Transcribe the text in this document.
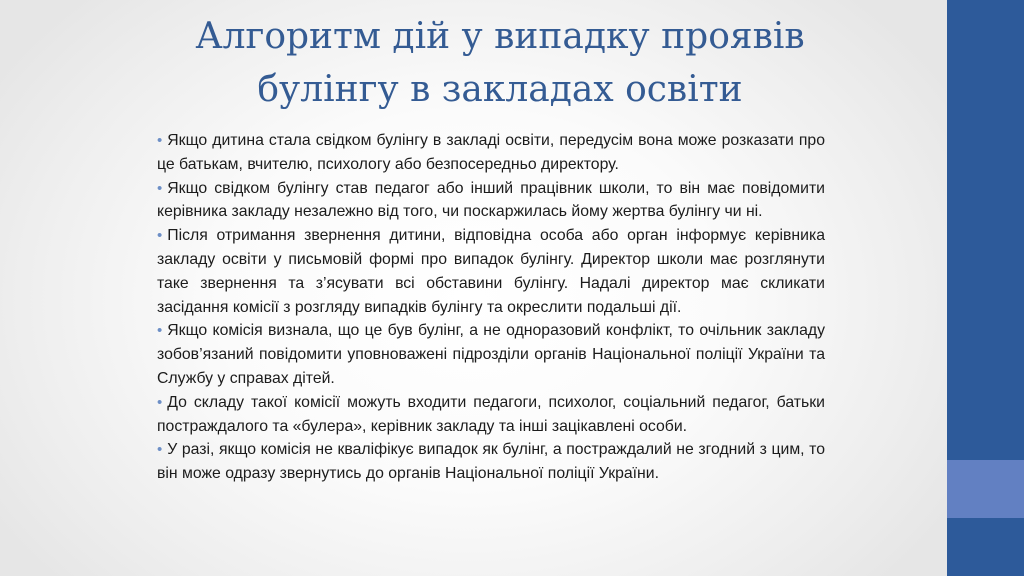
Алгоритм дій у випадку проявів
булінгу в закладах освіти
• Якщо дитина стала свідком булінгу в закладі освіти, передусім вона може розказати про це батькам, вчителю, психологу або безпосередньо директору.
• Якщо свідком булінгу став педагог або інший працівник школи, то він має повідомити керівника закладу незалежно від того, чи поскаржилась йому жертва булінгу чи ні.
• Після отримання звернення дитини, відповідна особа або орган інформує керівника закладу освіти у письмовій формі про випадок булінгу. Директор школи має розглянути таке звернення та з’ясувати всі обставини булінгу. Надалі директор має скликати засідання комісії з розгляду випадків булінгу та окреслити подальші дії.
• Якщо комісія визнала, що це був булінг, а не одноразовий конфлікт, то очільник закладу зобов’язаний повідомити уповноважені підрозділи органів Національної поліції України та Службу у справах дітей.
• До складу такої комісії можуть входити педагоги, психолог, соціальний педагог, батьки постраждалого та «булера», керівник закладу та інші зацікавлені особи.
• У разі, якщо комісія не кваліфікує випадок як булінг, а постраждалий не згодний з цим, то він може одразу звернутись до органів Національної поліції України.
